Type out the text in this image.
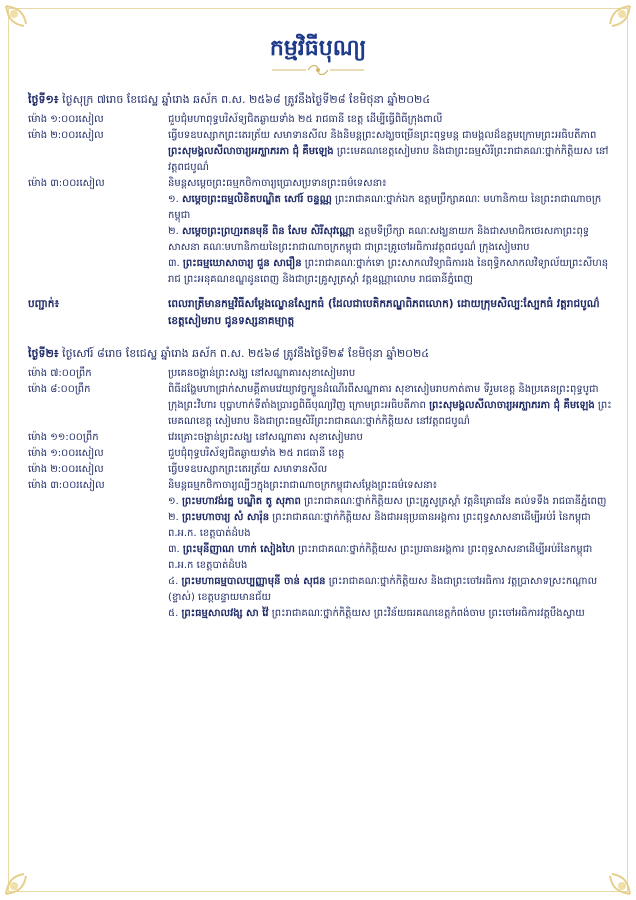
កម្មវិធីបុណ្យ
ថ្ងៃទី១៖ ថ្ងៃសុក្រ ៧រោច ខែជេស្ឋ ឆ្នាំរោង ឆស័ក ព.ស. ២៥៦៨ ត្រូវនឹងថ្ងៃទី២៨ ខែមិថុនា ឆ្នាំ២០២៤
ម៉ោង ១:០០រសៀល	ជួបជុំមហាពុទ្ធបរិស័ទ្យជិតឆ្ងាយទាំង ២៥ រាជធានី ខេត្ត ដើម្បីធ្វើពិធីក្រុងពាលី
ម៉ោង ២:០០រសៀល	ធ្វើបទឧបស្សាកព្រះតេរត្រ័យ សមាទានសីល និងនិមន្តព្រះសង្ឃចម្រើនព្រះពុទ្ធមន្ត ជាមង្គលដ៏ឧត្តមក្រោមព្រះអធិបតីភាព ព្រះសុមង្គលសីលាចារ្យអភ្ឃាភរភា ជុំ គឹមឡេង ព្រះមេគណខេត្តសៀមរាប និងជាព្រះធម្មសិរីព្រះរាជាគណៈថ្នាក់កិត្តិយស នៅវត្តពជបូណ៌
ម៉ោង ៣:០០រសៀល	និមន្តសម្តេចព្រះធម្មកថិកាចារ្យប្រោសប្រទានព្រះធម៌ទេសនា៖
១. សម្តេចព្រះធម្មលិខិតបណ្ឌិត សៅរ៍ ចន្ទណ្ណ ព្រះរាជាគណៈថ្នាក់ឯក ឧត្តមប្រឹក្សាគណៈ មហានិកាយ នៃព្រះរាជាណាចក្រកម្ពុជា
២. សម្តេចព្រះព្រហ្មរតនមុនី ពិន សែម សិរីសុវណ្ណោ ឧត្តមទីប្រឹក្សា គណៈសង្ឃនាយក និងជាសមាជិកថេរសភាព្រះពុទ្ធសាសនា គណៈមហានិកាយនៃព្រះរាជាណាចក្រកម្ពុជា ជាព្រះគ្រូចៅអធិការវត្តពជបូណ៌ ក្រុងសៀមរាប
៣. ព្រះធម្មឃោសាចារ្យ ជួន សារឿន ព្រះរាជាគណៈថ្នាក់ទោ ព្រះសាកលវិទ្យាធិការរង នៃពុទ្ធិកសាកលវិទ្យាល័យព្រះសីហនុរាជ ព្រះអនុគណខណ្ឌដូនពេញ និងជាព្រះគ្រូសូត្រស្តាំ វត្តឧណ្ណាលោម រាជធានីភ្នំពេញ
បញ្ជាក់៖	ពេលរាត្រីមានកម្មវិធីសម្តែងល្ខោនស្បែកធំ (ដែលជាបេតិកភណ្ឌពិភពលោក) ដោយក្រុមសិល្បៈស្បែកធំ វត្តរាជបូណ៌ ខេត្តសៀមរាប ជូនទស្សនាគម្យាត្ត
ថ្ងៃទី២៖ ថ្ងៃសៅរ៍ ៨រោច ខែជេស្ឋ ឆ្នាំរោង ឆស័ក ព.ស. ២៥៦៨ ត្រូវនឹងថ្ងៃទី២៩ ខែមិថុនា ឆ្នាំ២០២៤
ម៉ោង ៧:០០ព្រឹក	ប្រគេនចង្ហាន់ព្រះសង្ឃ នៅសណ្ឋាគារសុខាសៀមរាប
ម៉ោង ៨:០០ព្រឹក	ពិធីដង្ហែមហាជ្រាក់សាមគ្គីតាមវេយ្យាវច្ចក្បួនដំណើរពីសណ្ឋាគារ សុខាសៀមរាបកាត់តាម ទីរួមខេត្ត និងប្រគេនព្រះពុទ្ធ​បូជាក្រុងព្រះវិហារ បុប្ផាហាក់ទីតាំងប្រារព្ធពិធីបុណ្យវិញ ក្រោមព្រះអធិបតីភាព ព្រះសុមង្គលសីលាចារ្យអភ្ឃាភរភា ជុំ គឹមឡេង ព្រះមេគណខេត្ត សៀមរាប និងជាព្រះធម្មសិរីព្រះរាជាគណៈថ្នាក់កិត្តិយស នៅវត្តពជបូណ៌
ម៉ោង ១១:០០ព្រឹក	វេរគ្រោះចង្ហាន់ព្រះសង្ឃ នៅសណ្ឋាគារ សុខាសៀមរាប
ម៉ោង ១:០០រសៀល	ជួបជុំពុទ្ធបរិស័ទ្យជិតឆ្ងាយទាំង ២៥ រាជធានី ខេត្ត
ម៉ោង ២:០០រសៀល	ធ្វើបទឧបស្សាកព្រះតេរត្រ័យ សមាទានសីល
ម៉ោង ៣:០០រសៀល	និមន្តធម្មកថិកាចារ្យល្បីៗក្នុងព្រះរាជាណាចក្រកម្ពុជាសម្តែងព្រះធម៌ទេសនា៖
១. ព្រះមហាវង់រត្ន បណ្ឌិត តូ សុភាព ព្រះរាជាគណៈថ្នាក់កិត្តិយស ព្រះគ្រូសូត្រស្តាំ វត្តនិគ្រោធវ័ន គល់ទទឹង រាជធានីភ្នំពេញ
២. ព្រះមហាចារ្យ សំ សារ៉ុន ព្រះរាជាគណៈថ្នាក់កិត្តិយស និងជាអនុប្រធានអង្គការ ព្រះពុទ្ធសាសនាដើម្បីអប់រំ នៃកម្ពុជា ព.អ.ក. ខេត្តបាត់ដំបង
៣. ព្រះមុនីញាណ ហាក់ សៀងហៃ ព្រះរាជាគណៈថ្នាក់កិត្តិយស ព្រះប្រធានអង្គការ ព្រះពុទ្ធសាសនាដើម្បីអប់រំនៃកម្ពុជា ព.អ.ក ខេត្តបាត់ដំបង
៤. ព្រះមហាធម្មបាលប្បញ្ញាមុនី ចាន់ សុជន ព្រះរាជាគណៈថ្នាក់កិត្តិយស និងជាព្រះចៅអធិការ វត្តប្រាសាទស្រះកណ្តាល (ខ្ទាស់) ខេត្តបន្ទាយមានជ័យ
៥. ព្រះធម្មសាលវង្ស សា វ៉ៃ ព្រះរាជាគណៈថ្នាក់កិត្តិយស ព្រះវិន័យធរគណខេត្តកំពង់ចាម ព្រះចៅអធិការវត្តបឹងស្វាយ
